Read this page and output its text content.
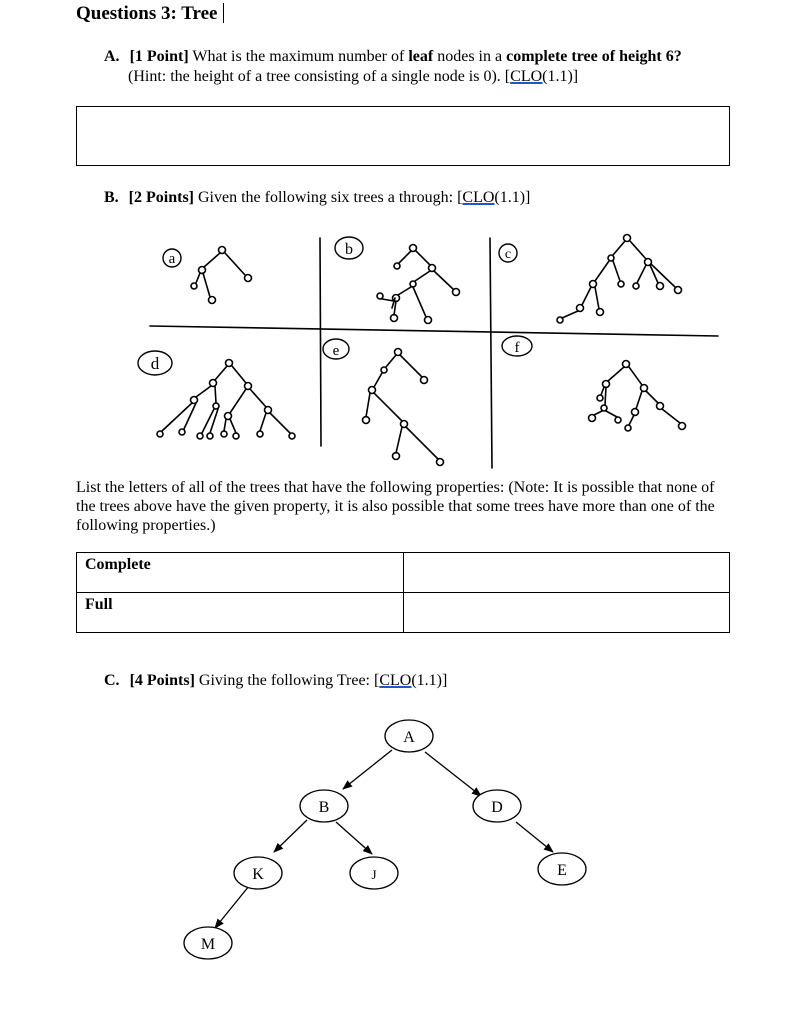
Questions 3: Tree
A. [1 Point] What is the maximum number of leaf nodes in a complete tree of height 6?
(Hint: the height of a tree consisting of a single node is 0). [CLO(1.1)]
B. [2 Points] Given the following six trees a through: [CLO(1.1)]
a
b	c
d
e	f
List the letters of all of the trees that have the following properties: (Note: It is possible that none of the trees above have the given property, it is also possible that some trees have more than one of the following properties.)
Complete	
Full	
C. [4 Points] Giving the following Tree: [CLO(1.1)]
A
B	D
K	J	E
M
